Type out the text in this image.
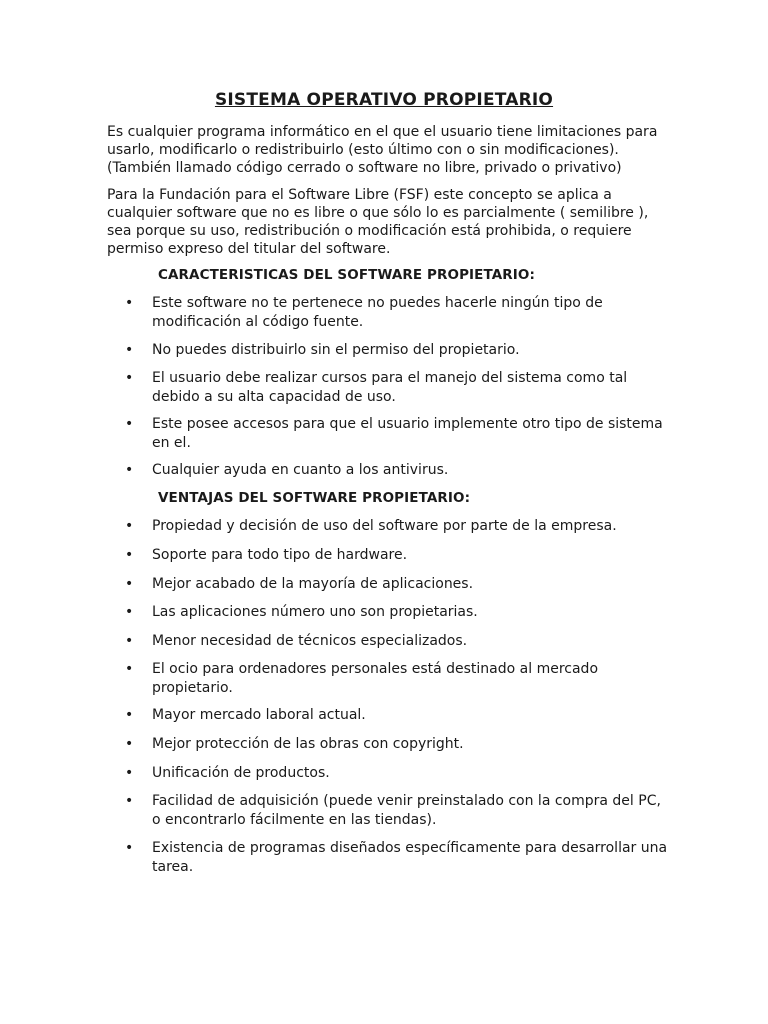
SISTEMA OPERATIVO PROPIETARIO

Es cualquier programa informático en el que el usuario tiene limitaciones para usarlo, modificarlo o redistribuirlo (esto último con o sin modificaciones). (También llamado código cerrado o software no libre, privado o privativo)

Para la Fundación para el Software Libre (FSF) este concepto se aplica a cualquier software que no es libre o que sólo lo es parcialmente ( semilibre ), sea porque su uso, redistribución o modificación está prohibida, o requiere permiso expreso del titular del software.

CARACTERISTICAS DEL SOFTWARE PROPIETARIO:
• Este software no te pertenece no puedes hacerle ningún tipo de modificación al código fuente.
• No puedes distribuirlo sin el permiso del propietario.
• El usuario debe realizar cursos para el manejo del sistema como tal debido a su alta capacidad de uso.
• Este posee accesos para que el usuario implemente otro tipo de sistema en el.
• Cualquier ayuda en cuanto a los antivirus.
VENTAJAS DEL SOFTWARE PROPIETARIO:
• Propiedad y decisión de uso del software por parte de la empresa.
• Soporte para todo tipo de hardware.
• Mejor acabado de la mayoría de aplicaciones.
• Las aplicaciones número uno son propietarias.
• Menor necesidad de técnicos especializados.
• El ocio para ordenadores personales está destinado al mercado propietario.
• Mayor mercado laboral actual.
• Mejor protección de las obras con copyright.
• Unificación de productos.
• Facilidad de adquisición (puede venir preinstalado con la compra del PC, o encontrarlo fácilmente en las tiendas).
• Existencia de programas diseñados específicamente para desarrollar una tarea.
